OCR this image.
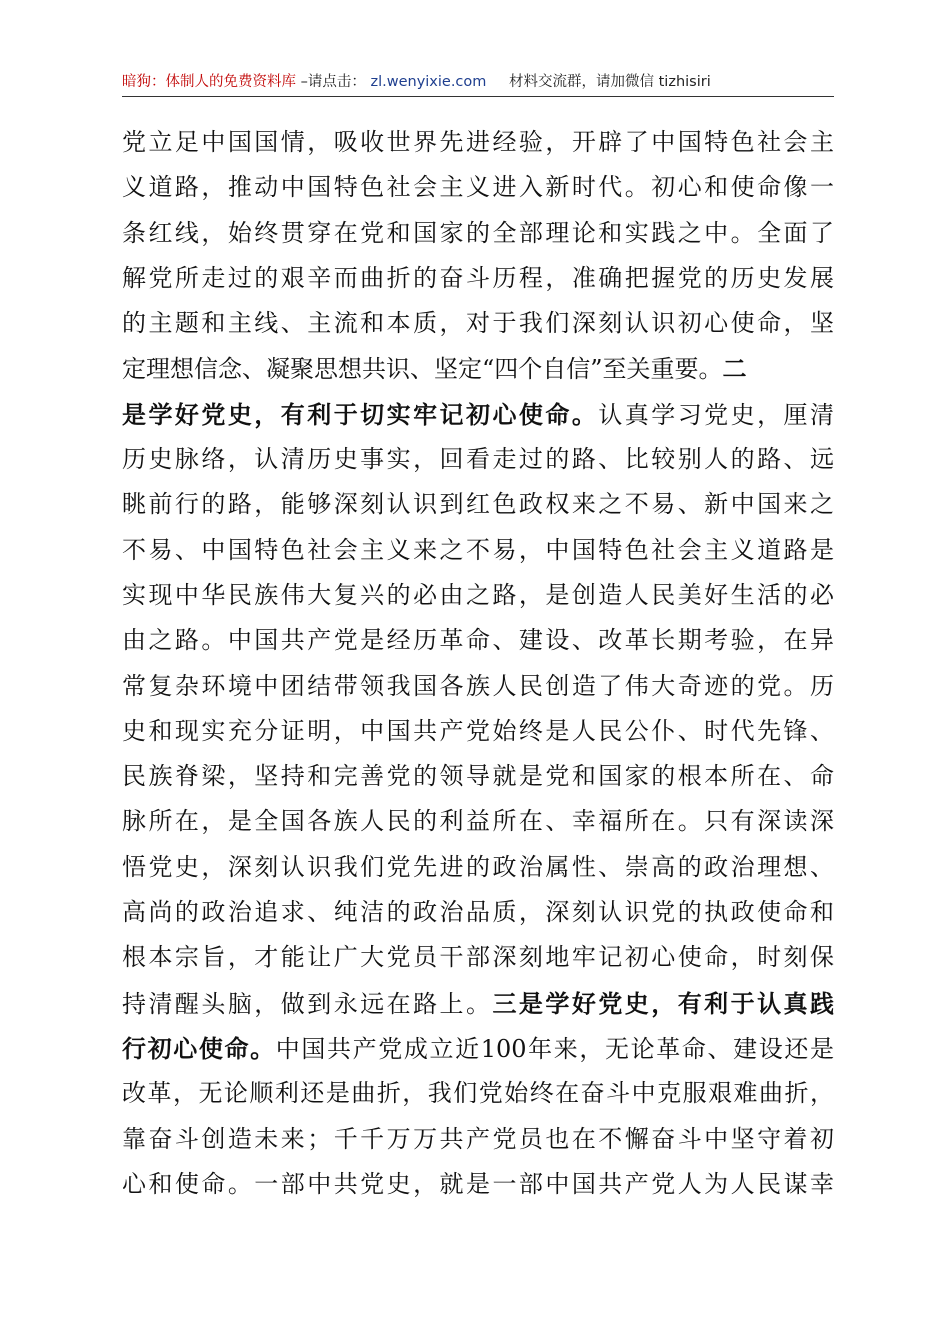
暗狗：体制人的免费资料库 –请点击： zl.wenyixie.com 材料交流群，请加微信 tizhisiri
党立足中国国情，吸收世界先进经验，开辟了中国特色社会主
义道路，推动中国特色社会主义进入新时代。初心和使命像一
条红线，始终贯穿在党和国家的全部理论和实践之中。全面了
解党所走过的艰辛而曲折的奋斗历程，准确把握党的历史发展
的主题和主线、主流和本质，对于我们深刻认识初心使命，坚
定理想信念、凝聚思想共识、坚定“四个自信”至关重要。二
是学好党史，有利于切实牢记初心使命。认真学习党史，厘清
历史脉络，认清历史事实，回看走过的路、比较别人的路、远
眺前行的路，能够深刻认识到红色政权来之不易、新中国来之
不易、中国特色社会主义来之不易，中国特色社会主义道路是
实现中华民族伟大复兴的必由之路，是创造人民美好生活的必
由之路。中国共产党是经历革命、建设、改革长期考验，在异
常复杂环境中团结带领我国各族人民创造了伟大奇迹的党。历
史和现实充分证明，中国共产党始终是人民公仆、时代先锋、
民族脊梁，坚持和完善党的领导就是党和国家的根本所在、命
脉所在，是全国各族人民的利益所在、幸福所在。只有深读深
悟党史，深刻认识我们党先进的政治属性、崇高的政治理想、
高尚的政治追求、纯洁的政治品质，深刻认识党的执政使命和
根本宗旨，才能让广大党员干部深刻地牢记初心使命，时刻保
持清醒头脑，做到永远在路上。三是学好党史，有利于认真践
行初心使命。中国共产党成立近100年来，无论革命、建设还是
改革，无论顺利还是曲折，我们党始终在奋斗中克服艰难曲折，
靠奋斗创造未来；千千万万共产党员也在不懈奋斗中坚守着初
心和使命。一部中共党史，就是一部中国共产党人为人民谋幸
